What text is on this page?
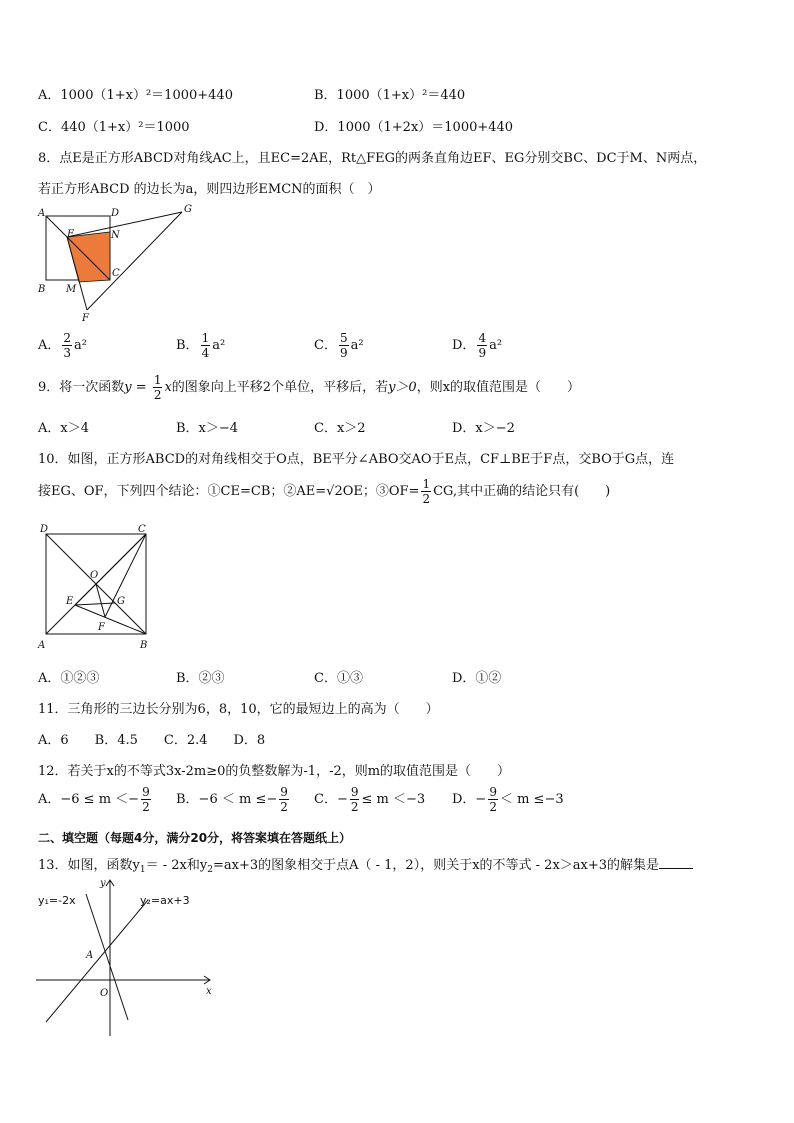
A．1000（1+x）²＝1000+440	B．1000（1+x）²＝440
C．440（1+x）²＝1000	D．1000（1+2x）＝1000+440
8．点E是正方形ABCD对角线AC上，且EC=2AE，Rt△FEG的两条直角边EF、EG分别交BC、DC于M、N两点，
若正方形ABCD 的边长为a，则四边形EMCN的面积（　）
A	D	G
E	N
C
B M
F
A． $\frac{2}{3} a^2$	B． $\frac{1}{4} a^2$	C． $\frac{5}{9} a^2$	D． $\frac{4}{9} a^2$
9．将一次函数$y = \frac{1}{2}$ x的图象向上平移2个单位，平移后，若y＞0，则x的取值范围是（　　）
A．x＞4	B．x＞−4	C．x＞2	D．x＞−2
10．如图，正方形ABCD的对角线相交于O点，BE平分∠ABO交AO于E点，CF⊥BE于F点，交BO于G点，连
接EG、OF，下列四个结论：①CE=CB；②AE=√2OE；③OF= $\frac{1}{2}$ CG,其中正确的结论只有(　　)
D	C
O
E	G
F
A	B
A．①②③	B．②③	C．①③	D．①②
11．三角形的三边长分别为6，8，10，它的最短边上的高为（　　）
A．6　　B．4.5　　C．2.4　　D．8
12．若关于x的不等式3x-2m≥0的负整数解为-1，-2，则m的取值范围是（　　）
A．$-6 \le m <- \frac{9}{2}$ B．$-6 < m \le- \frac{9}{2}$ C．− $\frac{9}{2} \le m <-3$ D．− $\frac{9}{2} < m \le-3$
二、填空题（每题4分，满分20分，将答案填在答题纸上）
13．如图，函数$y_1= - 2x$和$y_2=ax+3$的图象相交于点A（ - 1，2），则关于x的不等式 - 2x＞ax+3的解集是
y₁=-2x	y₂=ax+3
y
A
O	x
